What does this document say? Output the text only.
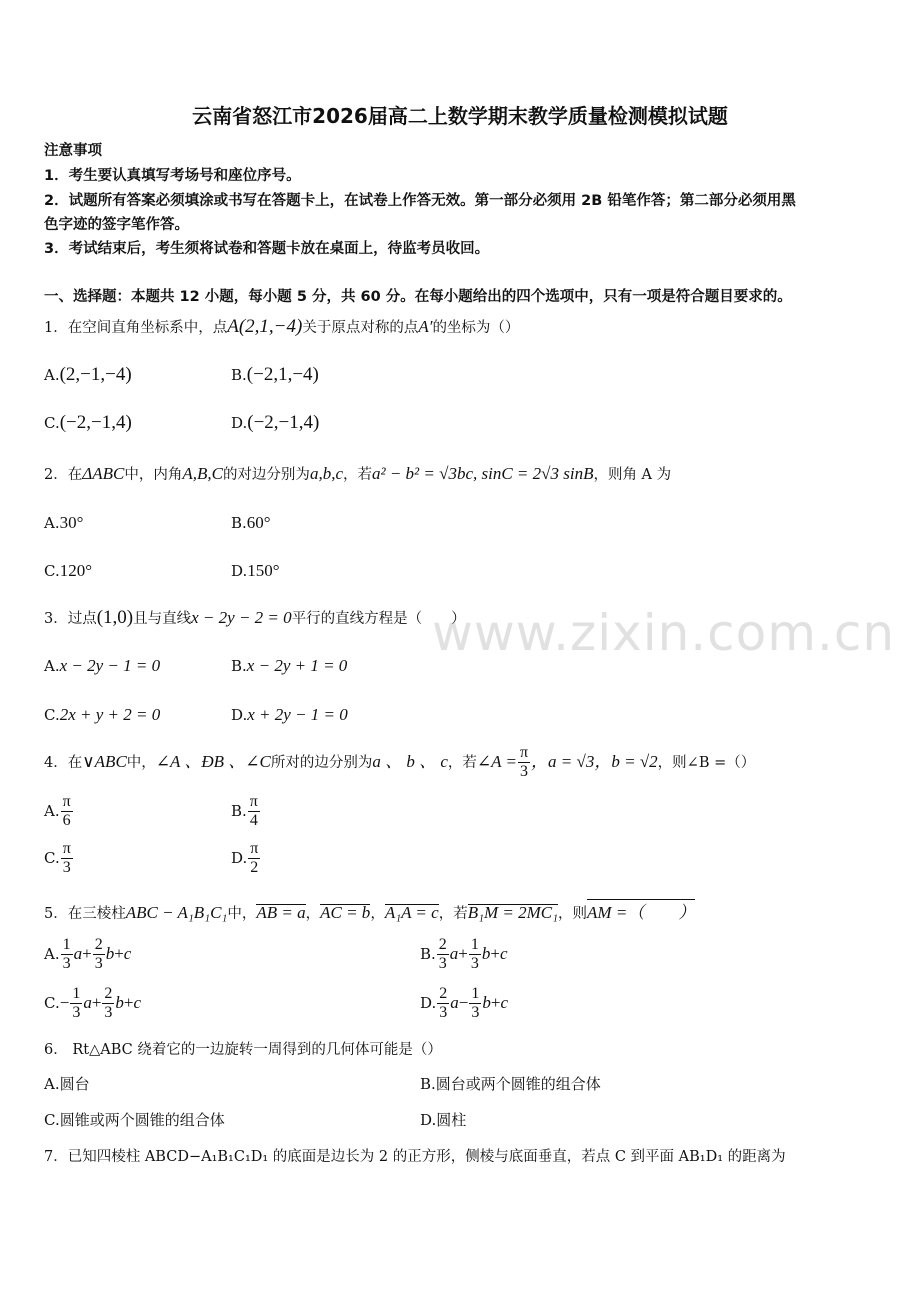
云南省怒江市2026届高二上数学期末教学质量检测模拟试题
注意事项
1．考生要认真填写考场号和座位序号。
2．试题所有答案必须填涂或书写在答题卡上，在试卷上作答无效。第一部分必须用 2B 铅笔作答；第二部分必须用黑
色字迹的签字笔作答。
3．考试结束后，考生须将试卷和答题卡放在桌面上，待监考员收回。
一、选择题：本题共 12 小题，每小题 5 分，共 60 分。在每小题给出的四个选项中，只有一项是符合题目要求的。
www.zixin.com.cn
1．在空间直角坐标系中，点A(2,1,−4)关于原点对称的点A′的坐标为（）
A.(2,−1,−4)	B.(−2,1,−4)
C.(−2,−1,4)	D.(−2,−1,4)
2．在ΔABC中，内角A,B,C的对边分别为a,b,c，若a² − b² = √3bc, sinC = 2√3 sinB，则角 A 为
A.30°	B.60°
C.120°	D.150°
3．过点(1,0)且与直线x − 2y − 2 = 0平行的直线方程是（　　）
A.x − 2y − 1 = 0	B.x − 2y + 1 = 0
C.2x + y + 2 = 0	D.x + 2y − 1 = 0
4．在∨ABC中，∠A 、ÐB 、∠C所对的边分别为a 、 b 、 c，若∠A = $\frac{\pi}{3}$ ，a = √3，b = √2，则∠B =（）
A. $\frac{\pi}{6}$	B. $\frac{\pi}{4}$
C. $\frac{\pi}{3}$	D. $\frac{\pi}{2}$
5．在三棱柱ABC − A₁B₁C₁中，AB = a，AC = b，A₁A = c，若B₁M = 2MC₁，则AM =（　　）
A. $\frac{1}{3} a+ \frac{2}{3} b+c$	B. $\frac{2}{3} a+ \frac{1}{3} b+c$
$C.- \frac{1}{3} a+ \frac{2}{3} b+c$	D. $\frac{2}{3} a- \frac{1}{3} b+c$
6． Rt△ABC 绕着它的一边旋转一周得到的几何体可能是（）
A.圆台	B.圆台或两个圆锥的组合体
C.圆锥或两个圆锥的组合体	D.圆柱
7．已知四棱柱 ABCD−A₁B₁C₁D₁ 的底面是边长为 2 的正方形，侧棱与底面垂直，若点 C 到平面 AB₁D₁ 的距离为
